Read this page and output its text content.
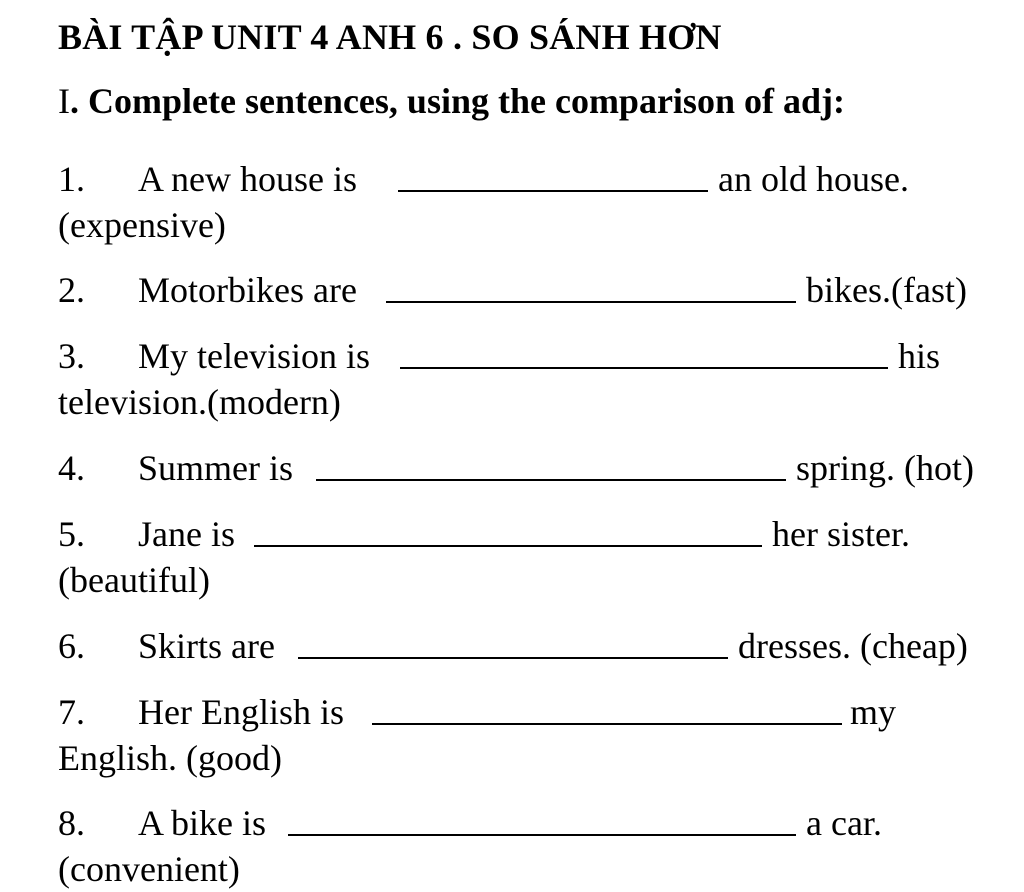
BÀI TẬP UNIT 4 ANH 6 . SO SÁNH HƠN
I. Complete sentences, using the comparison of adj:
1. A new house is	an old house.
(expensive)
2. Motorbikes are	bikes.(fast)
3. My television is	his
television.(modern)
4. Summer is	spring. (hot)
5. Jane is	her sister.
(beautiful)
6. Skirts are	dresses. (cheap)
7. Her English is	my
English. (good)
8. A bike is	a car.
(convenient)
